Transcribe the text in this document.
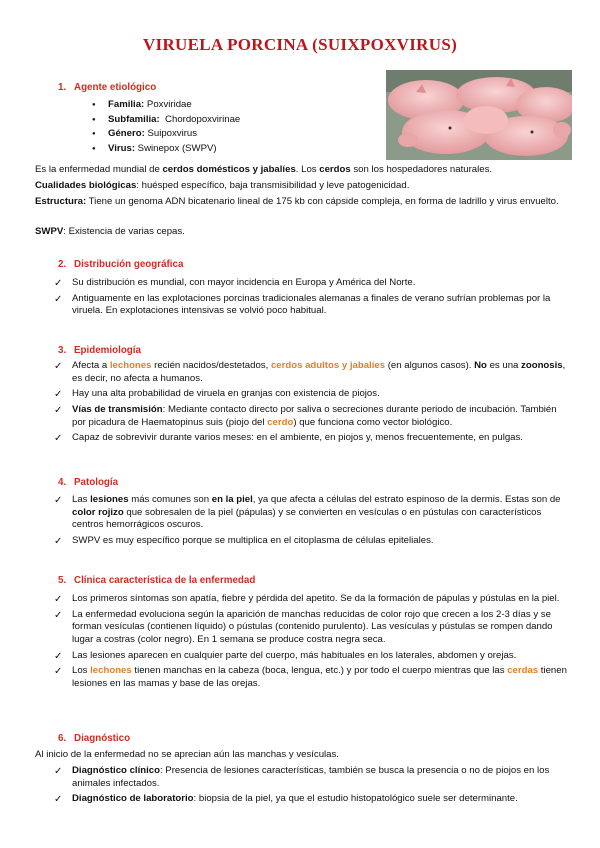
VIRUELA PORCINA (SUIXPOXVIRUS)
1. Agente etiológico
● Familia: Poxviridae
● Subfamilia:  Chordopoxvirinae
● Género: Suipoxvirus
● Virus: Swinepox (SWPV)
Es la enfermedad mundial de cerdos domésticos y jabalíes. Los cerdos son los hospedadores naturales.
Cualidades biológicas: huésped específico, baja transmisibilidad y leve patogenicidad.
Estructura: Tiene un genoma ADN bicatenario lineal de 175 kb con cápside compleja, en forma de ladrillo y virus envuelto.
SWPV: Existencia de varias cepas.
2. Distribución geográfica
✓ Su distribución es mundial, con mayor incidencia en Europa y América del Norte.
✓ Antiguamente en las explotaciones porcinas tradicionales alemanas a finales de verano sufrían problemas por la viruela. En explotaciones intensivas se volvió poco habitual.
3. Epidemiología
✓ Afecta a lechones recién nacidos/destetados, cerdos adultos y jabalíes (en algunos casos). No es una zoonosis, es decir, no afecta a humanos.
✓ Hay una alta probabilidad de viruela en granjas con existencia de piojos.
✓ Vías de transmisión: Mediante contacto directo por saliva o secreciones durante periodo de incubación. También por picadura de Haematopinus suis (piojo del cerdo) que funciona como vector biológico.
✓ Capaz de sobrevivir durante varios meses: en el ambiente, en piojos y, menos frecuentemente, en pulgas.
4. Patología
✓ Las lesiones más comunes son en la piel, ya que afecta a células del estrato espinoso de la dermis. Estas son de color rojizo que sobresalen de la piel (pápulas) y se convierten en vesículas o en pústulas con característicos centros hemorrágicos oscuros.
✓ SWPV es muy específico porque se multiplica en el citoplasma de células epiteliales.
5. Clínica característica de la enfermedad
✓ Los primeros síntomas son apatía, fiebre y pérdida del apetito. Se da la formación de pápulas y pústulas en la piel.
✓ La enfermedad evoluciona según la aparición de manchas reducidas de color rojo que crecen a los 2-3 días y se forman vesículas (contienen líquido) o pústulas (contenido purulento). Las vesículas y pústulas se rompen dando lugar a costras (color negro). En 1 semana se produce costra negra seca.
✓ Las lesiones aparecen en cualquier parte del cuerpo, más habituales en los laterales, abdomen y orejas.
✓ Los lechones tienen manchas en la cabeza (boca, lengua, etc.) y por todo el cuerpo mientras que las cerdas tienen lesiones en las mamas y base de las orejas.
6. Diagnóstico
Al inicio de la enfermedad no se aprecian aún las manchas y vesículas.
✓ Diagnóstico clínico: Presencia de lesiones características, también se busca la presencia o no de piojos en los animales infectados.
✓ Diagnóstico de laboratorio: biopsia de la piel, ya que el estudio histopatológico suele ser determinante.
